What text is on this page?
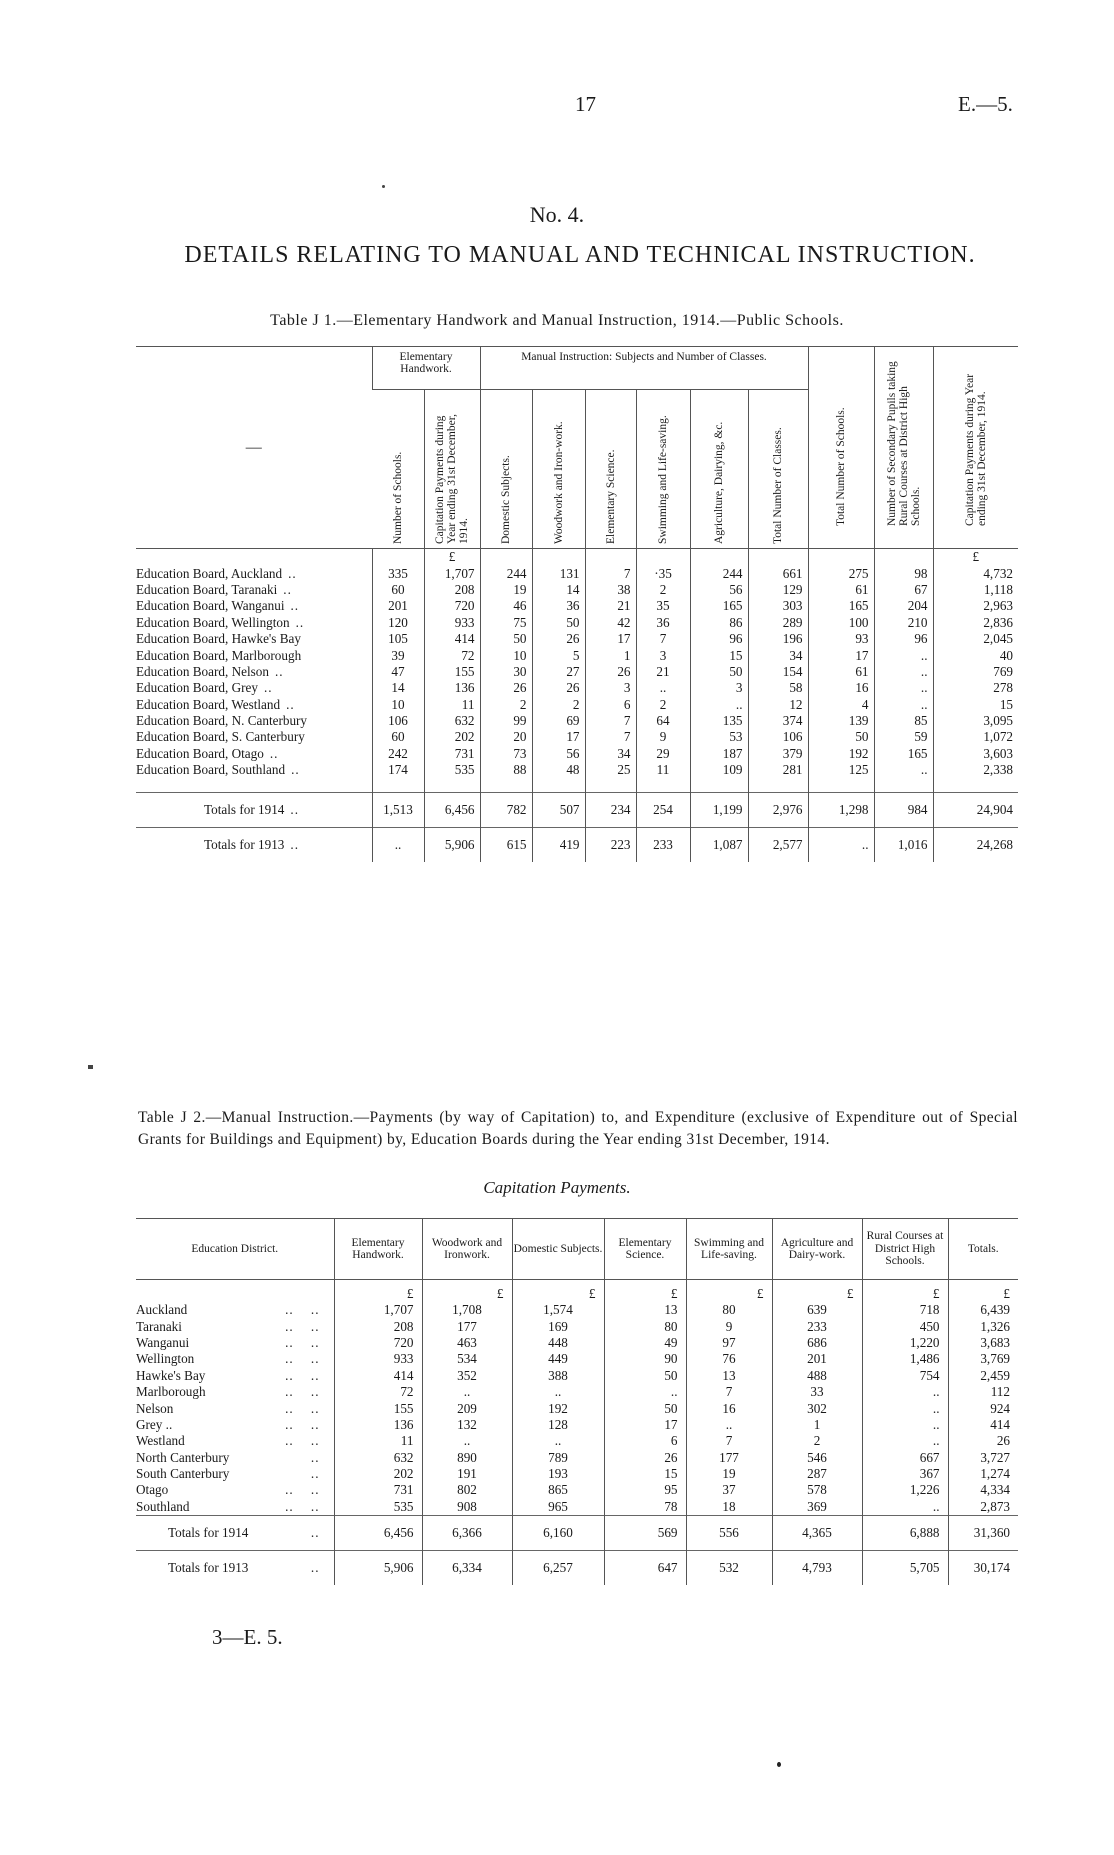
17	E.—5.
No. 4.
DETAILS RELATING TO MANUAL AND TECHNICAL INSTRUCTION.
Table J 1.—Elementary Handwork and Manual Instruction, 1914.—Public Schools.
—	Elementary Handwork.		Manual Instruction: Subjects and Number of Classes.						Total Number of Schools.	Number of Secondary Pupils taking Rural Courses at District High Schools.	Capitation Payments during Year ending 31st December, 1914.

	Number of Schools.	Capitation Payments during Year ending 31st December, 1914.	Domestic Subjects.	Woodwork and Iron-work.	Elementary Science.	Swimming and Life-saving.	Agriculture, Dairying, &c.	Total Number of Classes.			

		£									£
Education Board, Auckland ..	335	1,707	244	131	7	·35	244	661	275	98	4,732
Education Board, Taranaki ..	60	208	19	14	38	2	56	129	61	67	1,118
Education Board, Wanganui ..	201	720	46	36	21	35	165	303	165	204	2,963
Education Board, Wellington ..	120	933	75	50	42	36	86	289	100	210	2,836
Education Board, Hawke's Bay	105	414	50	26	17	7	96	196	93	96	2,045
Education Board, Marlborough	39	72	10	5	1	3	15	34	17	..	40
Education Board, Nelson ..	47	155	30	27	26	21	50	154	61	..	769
Education Board, Grey ..	14	136	26	26	3	..	3	58	16	..	278
Education Board, Westland ..	10	11	2	2	6	2	..	12	4	..	15
Education Board, N. Canterbury	106	632	99	69	7	64	135	374	139	85	3,095
Education Board, S. Canterbury	60	202	20	17	7	9	53	106	50	59	1,072
Education Board, Otago ..	242	731	73	56	34	29	187	379	192	165	3,603
Education Board, Southland ..	174	535	88	48	25	11	109	281	125	..	2,338

Totals for 1914 ..	1,513	6,456	782	507	234	254	1,199	2,976	1,298	984	24,904
Totals for 1913 ..	..	5,906	615	419	223	233	1,087	2,577	..	1,016	24,268
Table J 2.—Manual Instruction.—Payments (by way of Capitation) to, and Expenditure (exclusive of Expenditure out of Special Grants for Buildings and Equipment) by, Education Boards during the Year ending 31st December, 1914.
Capitation Payments.
Education District.	Elementary Handwork.	Woodwork and Ironwork.	Domestic Subjects.	Elementary Science.	Swimming and Life-saving.	Agriculture and Dairy-work.	Rural Courses at District High Schools.	Totals.
	£	£	£	£	£	£	£	£
Auckland ..    ..	1,707	1,708	1,574	13	80	639	718	6,439
Taranaki ..    ..	208	177	169	80	9	233	450	1,326
Wanganui ..    ..	720	463	448	49	97	686	1,220	3,683
Wellington ..    ..	933	534	449	90	76	201	1,486	3,769
Hawke's Bay ..    ..	414	352	388	50	13	488	754	2,459
Marlborough ..    ..	72	..	..	..	7	33	..	112
Nelson ..    ..	155	209	192	50	16	302	..	924
Grey .. ..    ..	136	132	128	17	..	1	..	414
Westland ..    ..	11	..	..	6	7	2	..	26
North Canterbury ..	632	890	789	26	177	546	667	3,727
South Canterbury ..	202	191	193	15	19	287	367	1,274
Otago ..    ..	731	802	865	95	37	578	1,226	4,334
Southland ..    ..	535	908	965	78	18	369	..	2,873
Totals for 1914 ..	6,456	6,366	6,160	569	556	4,365	6,888	31,360
Totals for 1913 ..	5,906	6,334	6,257	647	532	4,793	5,705	30,174
3—E. 5.
